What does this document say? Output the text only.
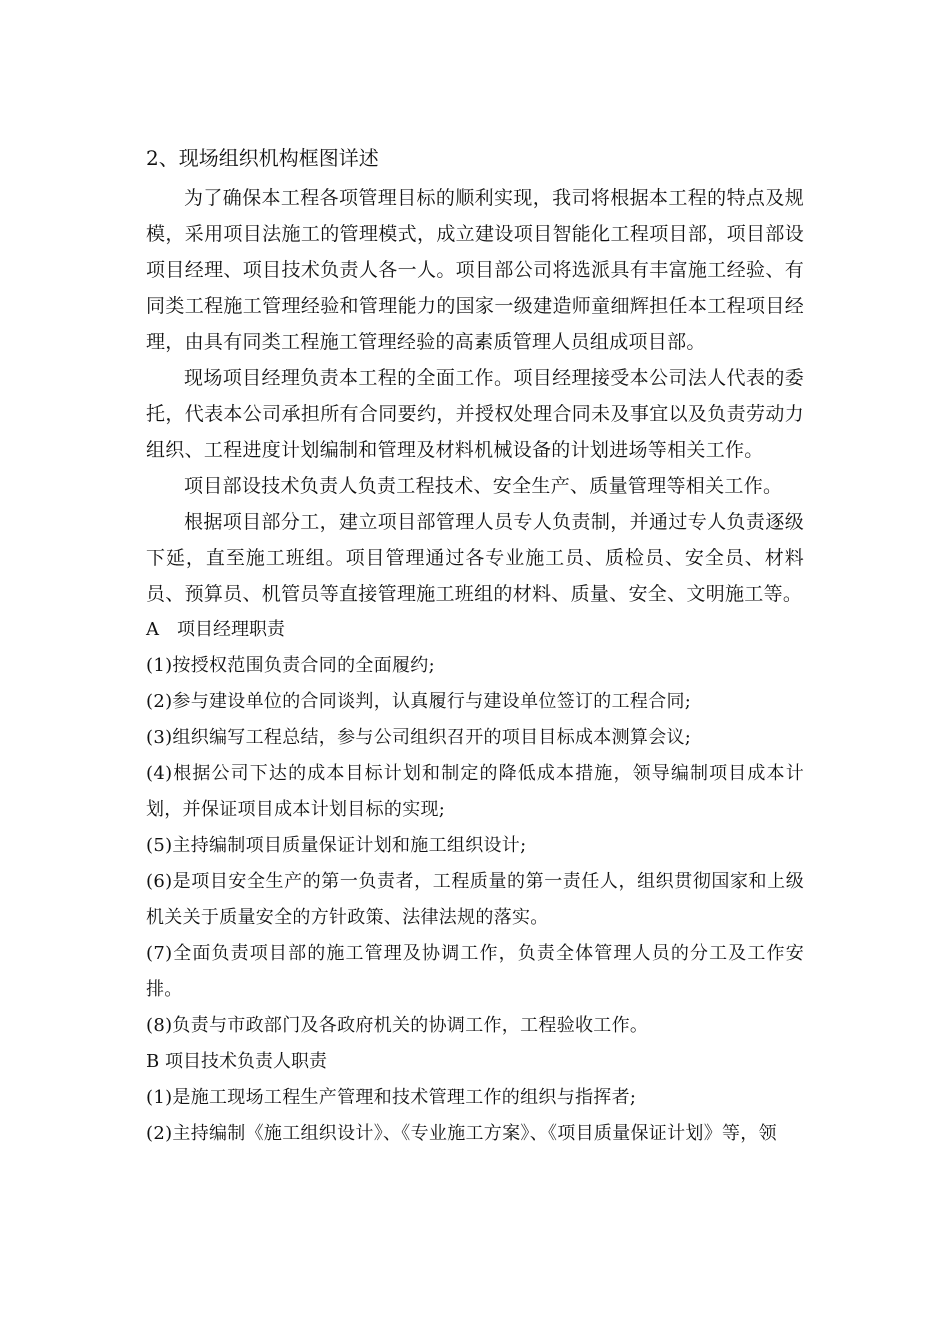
2、现场组织机构框图详述

为了确保本工程各项管理目标的顺利实现，我司将根据本工程的特点及规模，采用项目法施工的管理模式，成立建设项目智能化工程项目部，项目部设项目经理、项目技术负责人各一人。项目部公司将选派具有丰富施工经验、有同类工程施工管理经验和管理能力的国家一级建造师童细辉担任本工程项目经理，由具有同类工程施工管理经验的高素质管理人员组成项目部。

现场项目经理负责本工程的全面工作。项目经理接受本公司法人代表的委托，代表本公司承担所有合同要约，并授权处理合同未及事宜以及负责劳动力组织、工程进度计划编制和管理及材料机械设备的计划进场等相关工作。

项目部设技术负责人负责工程技术、安全生产、质量管理等相关工作。

根据项目部分工，建立项目部管理人员专人负责制，并通过专人负责逐级下延，直至施工班组。项目管理通过各专业施工员、质检员、安全员、材料员、预算员、机管员等直接管理施工班组的材料、质量、安全、文明施工等。

A　项目经理职责

(1)按授权范围负责合同的全面履约;

(2)参与建设单位的合同谈判，认真履行与建设单位签订的工程合同;

(3)组织编写工程总结，参与公司组织召开的项目目标成本测算会议;

(4)根据公司下达的成本目标计划和制定的降低成本措施，领导编制项目成本计划，并保证项目成本计划目标的实现;

(5)主持编制项目质量保证计划和施工组织设计;

(6)是项目安全生产的第一负责者，工程质量的第一责任人，组织贯彻国家和上级机关关于质量安全的方针政策、法律法规的落实。

(7)全面负责项目部的施工管理及协调工作，负责全体管理人员的分工及工作安排。

(8)负责与市政部门及各政府机关的协调工作，工程验收工作。

B 项目技术负责人职责

(1)是施工现场工程生产管理和技术管理工作的组织与指挥者;

(2)主持编制《施工组织设计》、《专业施工方案》、《项目质量保证计划》等，领
